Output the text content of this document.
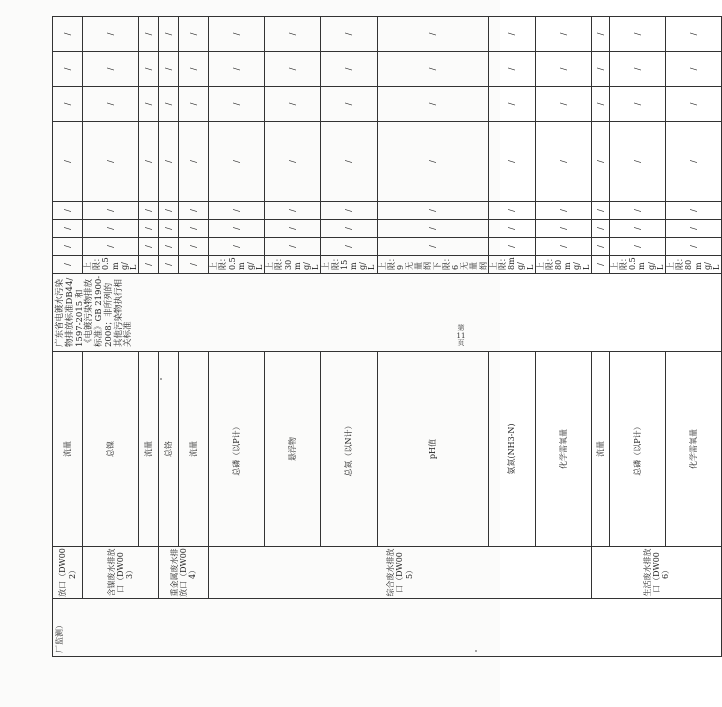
厂监测）	放口（DW002）	流量	广东省电镀水污染物排放标准DB44/1597-2015 和《电镀污染物排放标准》GB 21900-2008；非所列的其他污染物执行相关标准	/	/	/	/	/	/	/	/	
	含镍废水排放口（DW003）	总镍		上限：0.5mg/L	/	/	/	/	/	/	/	
		流量		/	/	/	/	/	/	/	/	
	重金属废水排放口（DW004）	总铬		/	/	/	/	/	/	/	/	
		流量		/	/	/	/	/	/	/	/	
	综合废水排放口（DW005）	总磷（以P计）		上限：0.5mg/L	/	/	/	/	/	/	/	
		悬浮物		上限：30mg/L	/	/	/	/	/	/	/	
		总氮（以N计）		上限：15mg/L	/	/	/	/	/	/	/	
		pH值		上限：9 无量纲 下限：6 无量纲	/	/	/	/	/	/	/	
		氨氮(NH3-N)		上限：8mg/L	/	/	/	/	/	/	/	
		化学需氧量		上限：80mg/L	/	/	/	/	/	/	/	
	生活废水排放口（DW006）	流量		/	/	/	/	/	/	/	/	
		总磷（以P计）		上限：0.5mg/L	/	/	/	/	/	/	/	
		化学需氧量		上限：80mg/L	/	/	/	/	/	/	/	
第 11 页
